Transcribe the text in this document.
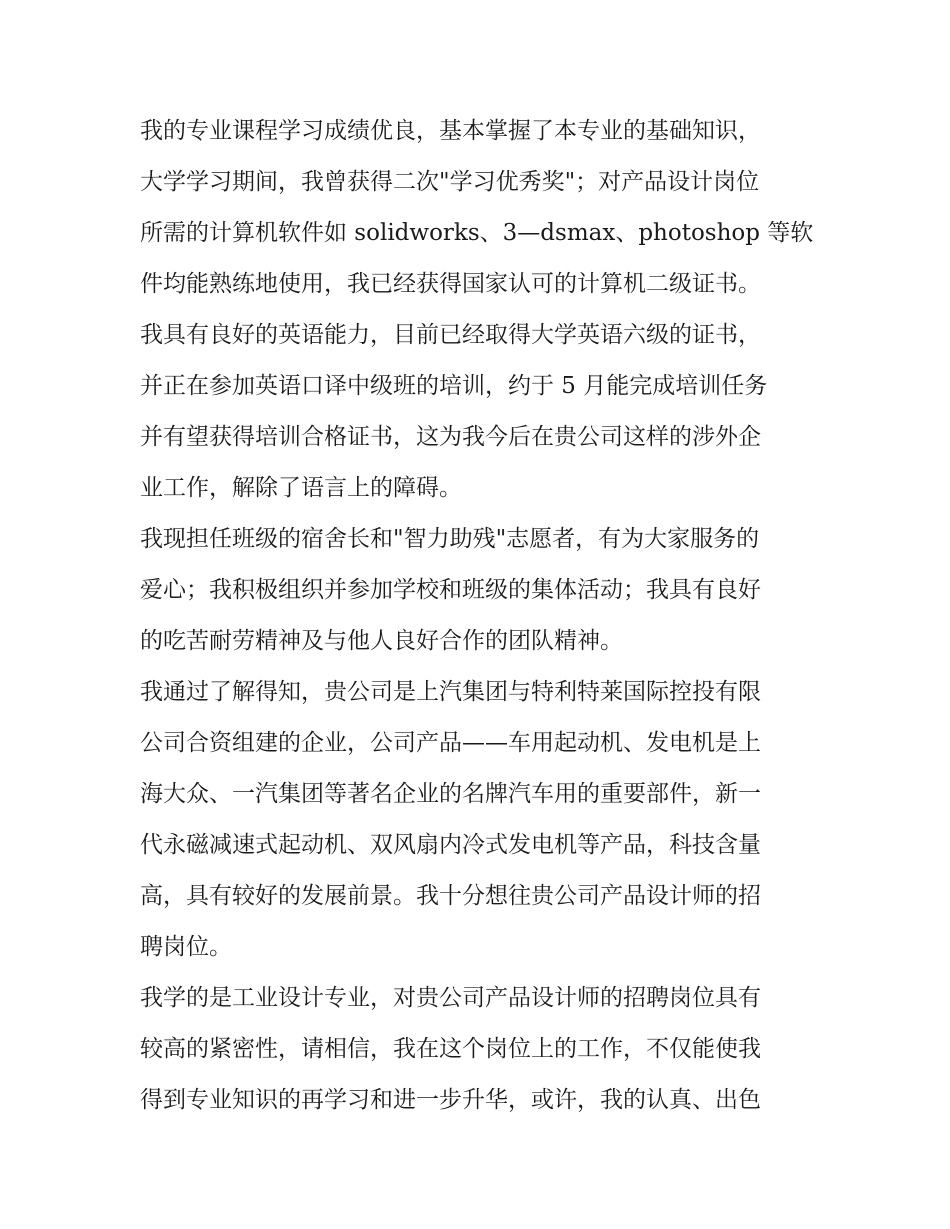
我的专业课程学习成绩优良，基本掌握了本专业的基础知识，
大学学习期间，我曾获得二次"学习优秀奖"；对产品设计岗位
所需的计算机软件如 solidworks、3—dsmax、photoshop 等软
件均能熟练地使用，我已经获得国家认可的计算机二级证书。
我具有良好的英语能力，目前已经取得大学英语六级的证书，
并正在参加英语口译中级班的培训，约于 5 月能完成培训任务
并有望获得培训合格证书，这为我今后在贵公司这样的涉外企
业工作，解除了语言上的障碍。
我现担任班级的宿舍长和"智力助残"志愿者，有为大家服务的
爱心；我积极组织并参加学校和班级的集体活动；我具有良好
的吃苦耐劳精神及与他人良好合作的团队精神。
我通过了解得知，贵公司是上汽集团与特利特莱国际控投有限
公司合资组建的企业，公司产品——车用起动机、发电机是上
海大众、一汽集团等著名企业的名牌汽车用的重要部件，新一
代永磁减速式起动机、双风扇内冷式发电机等产品，科技含量
高，具有较好的发展前景。我十分想往贵公司产品设计师的招
聘岗位。
我学的是工业设计专业，对贵公司产品设计师的招聘岗位具有
较高的紧密性，请相信，我在这个岗位上的工作，不仅能使我
得到专业知识的再学习和进一步升华，或许，我的认真、出色
